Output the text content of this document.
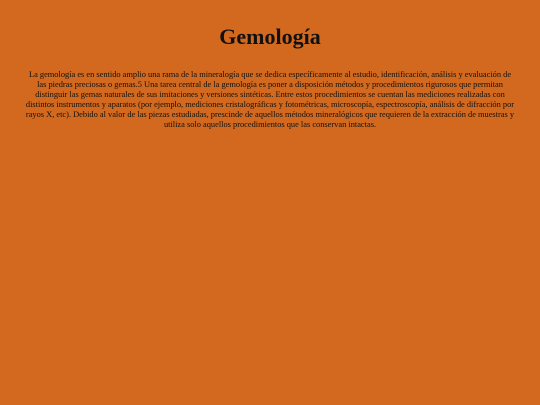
Gemología

La gemología es en sentido amplio una rama de la mineralogía que se dedica específicamente al estudio, identificación, análisis y evaluación de las piedras preciosas o gemas.5 Una tarea central de la gemología es poner a disposición métodos y procedimientos rigurosos que permitan distinguir las gemas naturales de sus imitaciones y versiones sintéticas. Entre estos procedimientos se cuentan las mediciones realizadas con distintos instrumentos y aparatos (por ejemplo, mediciones cristalográficas y fotométricas, microscopía, espectroscopía, análisis de difracción por rayos X, etc). Debido al valor de las piezas estudiadas, prescinde de aquellos métodos mineralógicos que requieren de la extracción de muestras y utiliza solo aquellos procedimientos que las conservan intactas.
